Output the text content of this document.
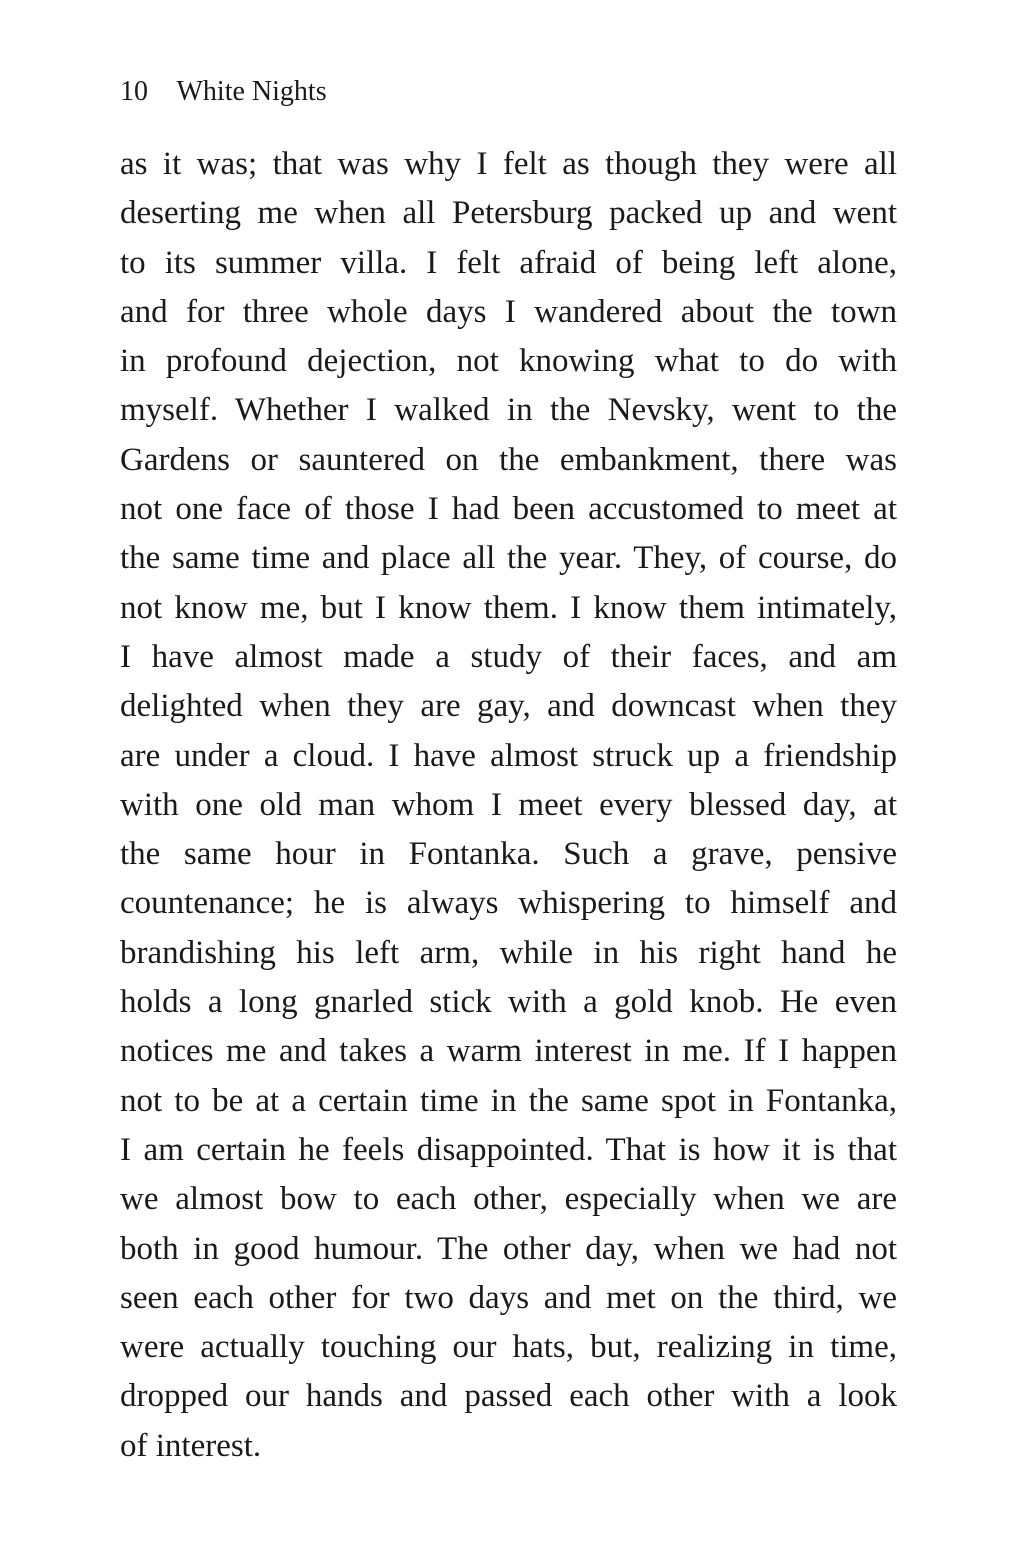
10 White Nights
as it was; that was why I felt as though they were all
deserting me when all Petersburg packed up and went
to its summer villa. I felt afraid of being left alone,
and for three whole days I wandered about the town
in profound dejection, not knowing what to do with
myself. Whether I walked in the Nevsky, went to the
Gardens or sauntered on the embankment, there was
not one face of those I had been accustomed to meet at
the same time and place all the year. They, of course, do
not know me, but I know them. I know them intimately,
I have almost made a study of their faces, and am
delighted when they are gay, and downcast when they
are under a cloud. I have almost struck up a friendship
with one old man whom I meet every blessed day, at
the same hour in Fontanka. Such a grave, pensive
countenance; he is always whispering to himself and
brandishing his left arm, while in his right hand he
holds a long gnarled stick with a gold knob. He even
notices me and takes a warm interest in me. If I happen
not to be at a certain time in the same spot in Fontanka,
I am certain he feels disappointed. That is how it is that
we almost bow to each other, especially when we are
both in good humour. The other day, when we had not
seen each other for two days and met on the third, we
were actually touching our hats, but, realizing in time,
dropped our hands and passed each other with a look
of interest.
